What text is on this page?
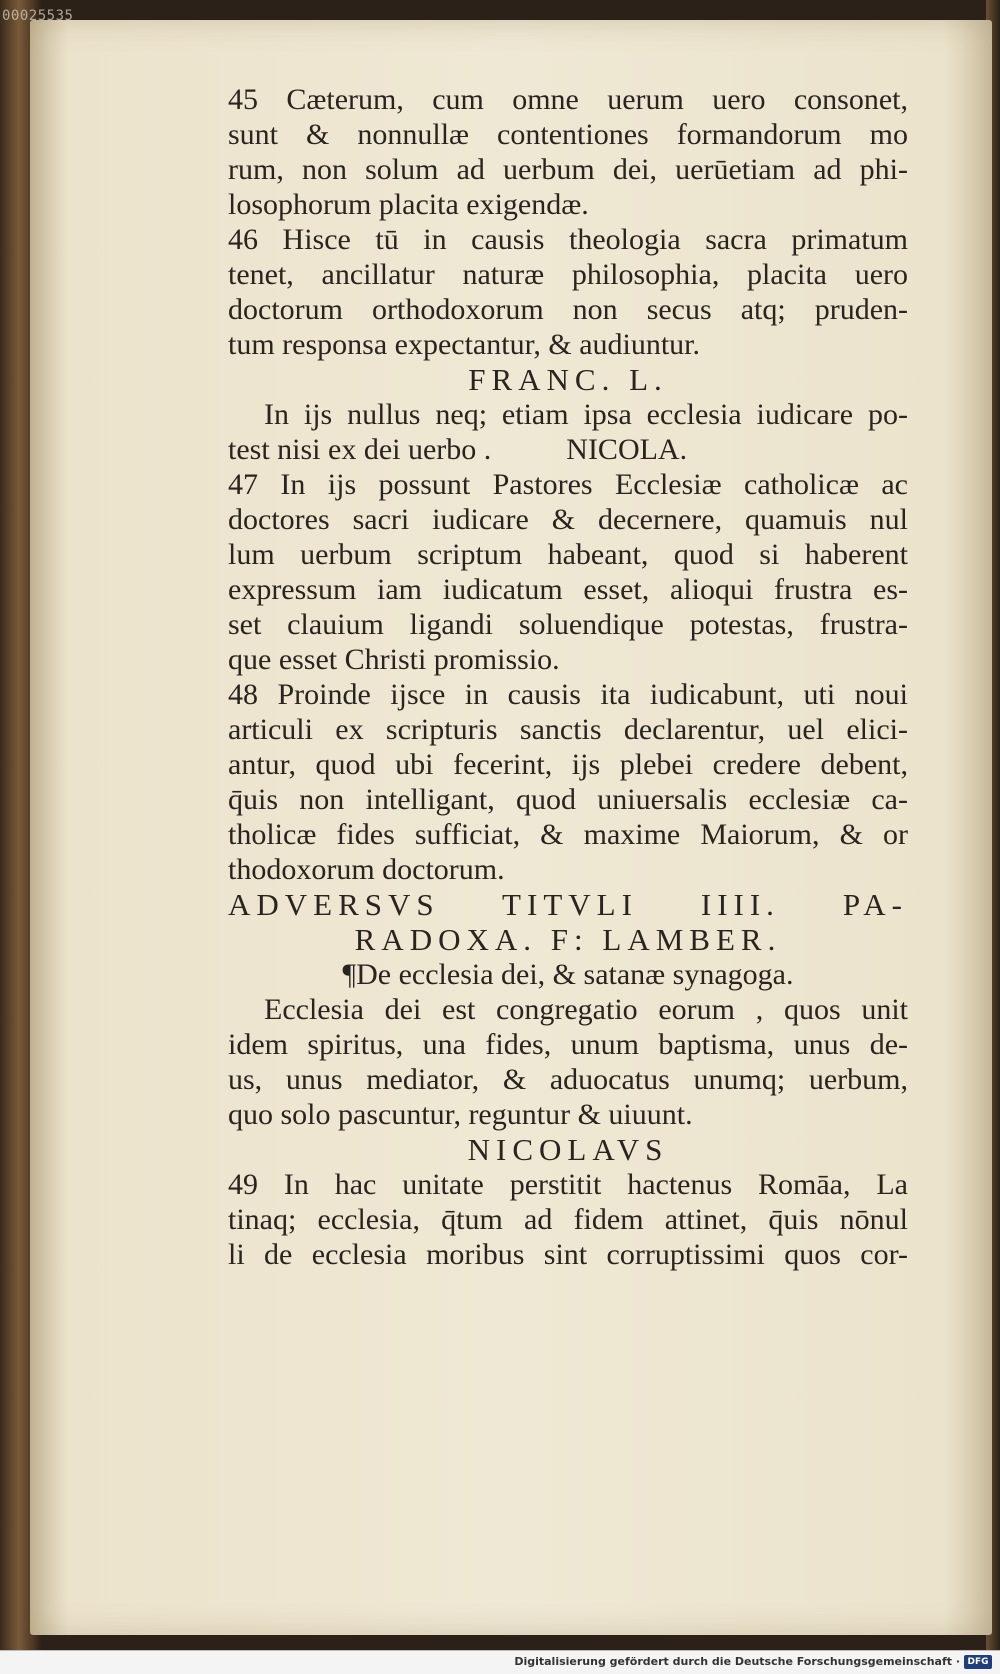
00025535
45 Cæterum, cum omne uerum uero consonet,
sunt & nonnullæ contentiones formandorum mo
rum, non solum ad uerbum dei, uerūetiam ad phi-
losophorum placita exigendæ.
46 Hisce tū in causis theologia sacra primatum
tenet, ancillatur naturæ philosophia, placita uero
doctorum orthodoxorum non secus atq; pruden-
tum responsa expectantur, & audiuntur.
FRANC. L.
In ijs nullus neq; etiam ipsa ecclesia iudicare po-
test nisi ex dei uerbo .          NICOLA.
47 In ijs possunt Pastores Ecclesiæ catholicæ ac
doctores sacri iudicare & decernere, quamuis nul
lum uerbum scriptum habeant, quod si haberent
expressum iam iudicatum esset, alioqui frustra es-
set clauium ligandi soluendique potestas, frustra-
que esset Christi promissio.
48 Proinde ijsce in causis ita iudicabunt, uti noui
articuli ex scripturis sanctis declarentur, uel elici-
antur, quod ubi fecerint, ijs plebei credere debent,
q̄uis non intelligant, quod uniuersalis ecclesiæ ca-
tholicæ fides sufficiat, & maxime Maiorum, & or
thodoxorum doctorum.
ADVERSVS TITVLI IIII. PA-
RADOXA. F: LAMBER.
¶De ecclesia dei, & satanæ synagoga.
Ecclesia dei est congregatio eorum , quos unit
idem spiritus, una fides, unum baptisma, unus de-
us, unus mediator, & aduocatus unumq; uerbum,
quo solo pascuntur, reguntur & uiuunt.
NICOLAVS
49 In hac unitate perstitit hactenus Romāa, La
tinaq; ecclesia, q̄tum ad fidem attinet, q̄uis nōnul
li de ecclesia moribus sint corruptissimi quos cor-
Digitalisierung gefördert durch die Deutsche Forschungsgemeinschaft · DFG
